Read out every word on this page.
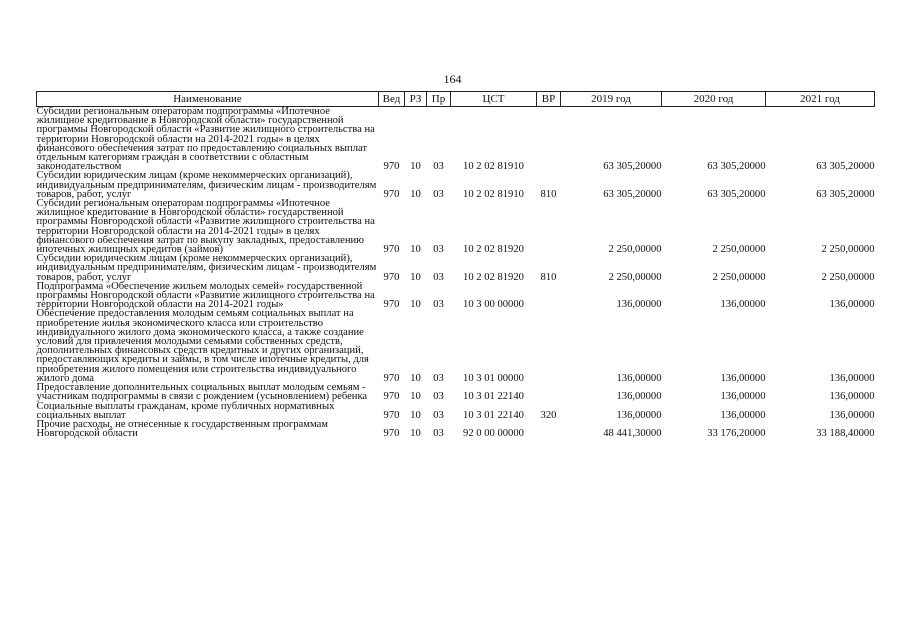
164
Наименование	Вед	РЗ	Пр	ЦСТ	ВР	2019 год	2020 год	2021 год
Субсидии региональным операторам подпрограммы «Ипотечное жилищное кредитование в Новгородской области» государственной программы Новгородской области «Развитие жилищного строительства на территории Новгородской области на 2014-2021 годы» в целях финансового обеспечения затрат по предоставлению социальных выплат отдельным категориям граждан в соответствии с областным законодательством	970	10	03	10 2 02 81910		63 305,20000	63 305,20000	63 305,20000
Субсидии юридическим лицам (кроме некоммерческих организаций), индивидуальным предпринимателям, физическим лицам - производителям товаров, работ, услуг	970	10	03	10 2 02 81910	810	63 305,20000	63 305,20000	63 305,20000
Субсидии региональным операторам подпрограммы «Ипотечное жилищное кредитование в Новгородской области» государственной программы Новгородской области «Развитие жилищного строительства на территории Новгородской области на 2014-2021 годы» в целях финансового обеспечения затрат по выкупу закладных, предоставлению ипотечных жилищных кредитов (займов)	970	10	03	10 2 02 81920		2 250,00000	2 250,00000	2 250,00000
Субсидии юридическим лицам (кроме некоммерческих организаций), индивидуальным предпринимателям, физическим лицам - производителям товаров, работ, услуг	970	10	03	10 2 02 81920	810	2 250,00000	2 250,00000	2 250,00000
Подпрограмма «Обеспечение жильем молодых семей» государственной программы Новгородской области «Развитие жилищного строительства на территории Новгородской области на 2014-2021 годы»	970	10	03	10 3 00 00000		136,00000	136,00000	136,00000
Обеспечение предоставления молодым семьям социальных выплат на приобретение жилья экономического класса или строительство индивидуального жилого дома экономического класса, а также создание условий для привлечения молодыми семьями собственных средств, дополнительных финансовых средств кредитных и других организаций, предоставляющих кредиты и займы, в том числе ипотечные кредиты, для приобретения жилого помещения или строительства индивидуального жилого дома	970	10	03	10 3 01 00000		136,00000	136,00000	136,00000
Предоставление дополнительных социальных выплат молодым семьям - участникам подпрограммы в связи с рождением (усыновлением) ребенка	970	10	03	10 3 01 22140		136,00000	136,00000	136,00000
Социальные выплаты гражданам, кроме публичных нормативных социальных выплат	970	10	03	10 3 01 22140	320	136,00000	136,00000	136,00000
Прочие расходы, не отнесенные к государственным программам Новгородской области	970	10	03	92 0 00 00000		48 441,30000	33 176,20000	33 188,40000
